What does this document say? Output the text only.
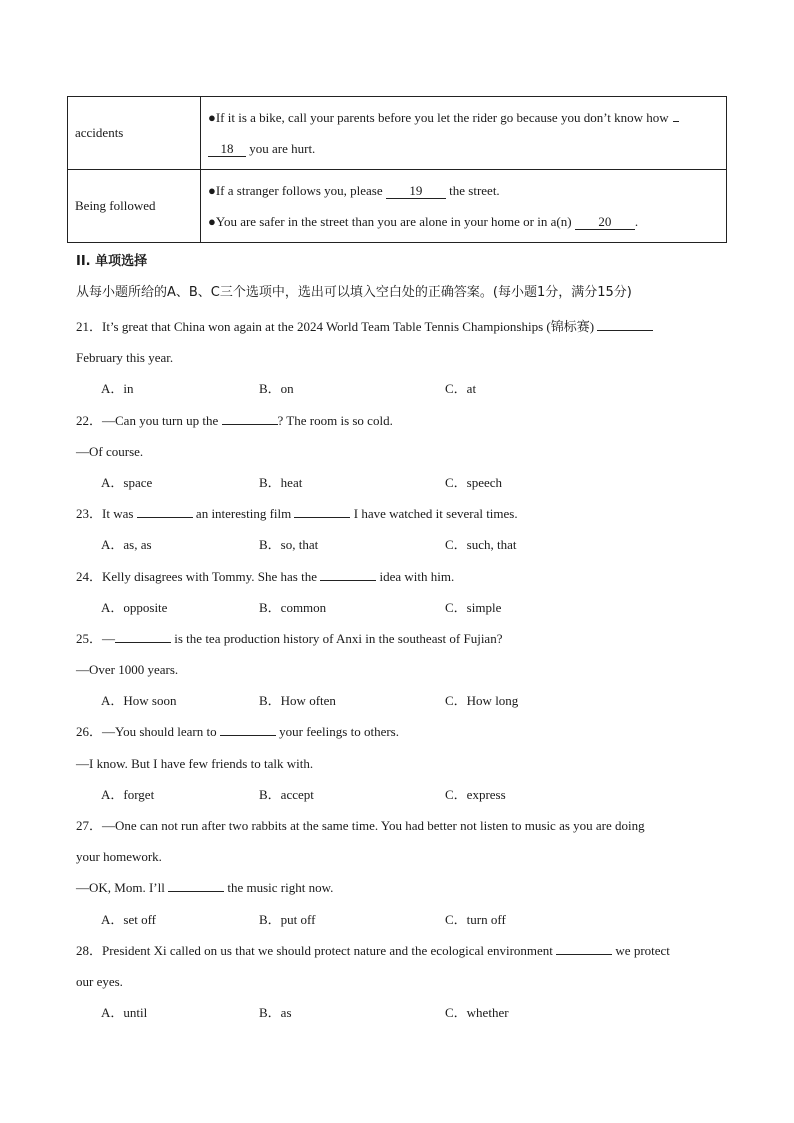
accidents	●If it is a bike, call your parents before you let the rider go because you don’t know how
18 you are hurt.

Being followed	●If a stranger follows you, please 19 the street.
●You are safer in the street than you are alone in your home or in a(n) 20 .
II. 单项选择
从每小题所给的A、B、C三个选项中，选出可以填入空白处的正确答案。(每小题1分，满分15分)
21．It’s great that China won again at the 2024 World Team Table Tennis Championships (锦标赛)
February this year.
A．in	B．on	C．at
22．—Can you turn up the	? The room is so cold.
—Of course.
A．space	B．heat	C．speech
23．It was	an interesting film	I have watched it several times.
A．as, as	B．so, that	C．such, that
24．Kelly disagrees with Tommy. She has the	idea with him.
A．opposite	B．common	C．simple
25．—	is the tea production history of Anxi in the southeast of Fujian?
—Over 1000 years.
A．How soon	B．How often	C．How long
26．—You should learn to	your feelings to others.
—I know. But I have few friends to talk with.
A．forget	B．accept	C．express
27．—One can not run after two rabbits at the same time. You had better not listen to music as you are doing
your homework.
—OK, Mom. I’ll	the music right now.
A．set off	B．put off	C．turn off
28．President Xi called on us that we should protect nature and the ecological environment	we protect
our eyes.
A．until	B．as	C．whether
